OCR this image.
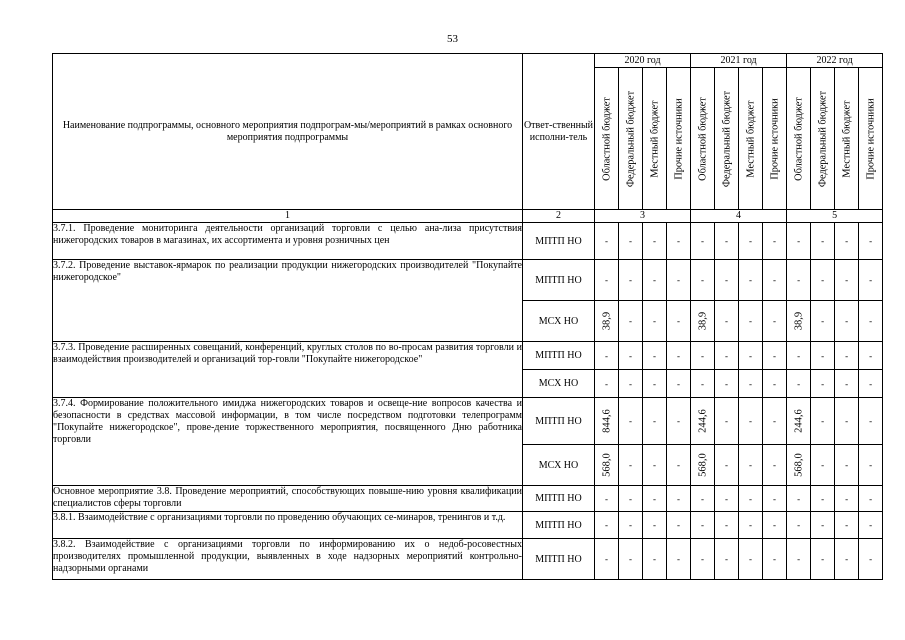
53
Наименование подпрограммы, основного мероприятия подпрограм-мы/мероприятий в рамках основного мероприятия подпрограммы	Ответ-ственный исполни-тель	2020 год				2021 год				2022 год			

		Областной бюджет	Федеральный бюджет	Местный бюджет	Прочие источники	Областной бюджет	Федеральный бюджет	Местный бюджет	Прочие источники	Областной бюджет	Федеральный бюджет	Местный бюджет	Прочие источники

1	2	3				4				5			
3.7.1. Проведение мониторинга деятельности организаций торговли с целью ана-лиза присутствия нижегородских товаров в магазинах, их ассортимента и уровня розничных цен	МПТП НО	-	-	-	-	-	-	-	-	-	-	-	-

3.7.2. Проведение выставок-ярмарок по реализации продукции нижегородских производителей "Покупайте нижегородское"	МПТП НО	-	-	-	-	-	-	-	-	-	-	-	-

	МСХ НО	38,9	-	-	-	38,9	-	-	-	38,9	-	-	-

3.7.3. Проведение расширенных совещаний, конференций, круглых столов по во-просам развития торговли и взаимодействия производителей и организаций тор-говли "Покупайте нижегородское"	МПТП НО	-	-	-	-	-	-	-	-	-	-	-	-

	МСХ НО	-	-	-	-	-	-	-	-	-	-	-	-

3.7.4. Формирование положительного имиджа нижегородских товаров и освеще-ние вопросов качества и безопасности в средствах массовой информации, в том числе посредством подготовки телепрограмм "Покупайте нижегородское", прове-дение торжественного мероприятия, посвященного Дню работника торговли	МПТП НО	844,6	-	-	-	244,6	-	-	-	244,6	-	-	-

	МСХ НО	568,0	-	-	-	568,0	-	-	-	568,0	-	-	-

Основное мероприятие 3.8. Проведение мероприятий, способствующих повыше-нию уровня квалификации специалистов сферы торговли	МПТП НО	-	-	-	-	-	-	-	-	-	-	-	-

3.8.1. Взаимодействие с организациями торговли по проведению обучающих се-минаров, тренингов и т.д.	МПТП НО	-	-	-	-	-	-	-	-	-	-	-	-

3.8.2. Взаимодействие с организациями торговли по информированию их о недоб-росовестных производителях промышленной продукции, выявленных в ходе надзорных мероприятий контрольно-надзорными органами	МПТП НО	-	-	-	-	-	-	-	-	-	-	-	-
